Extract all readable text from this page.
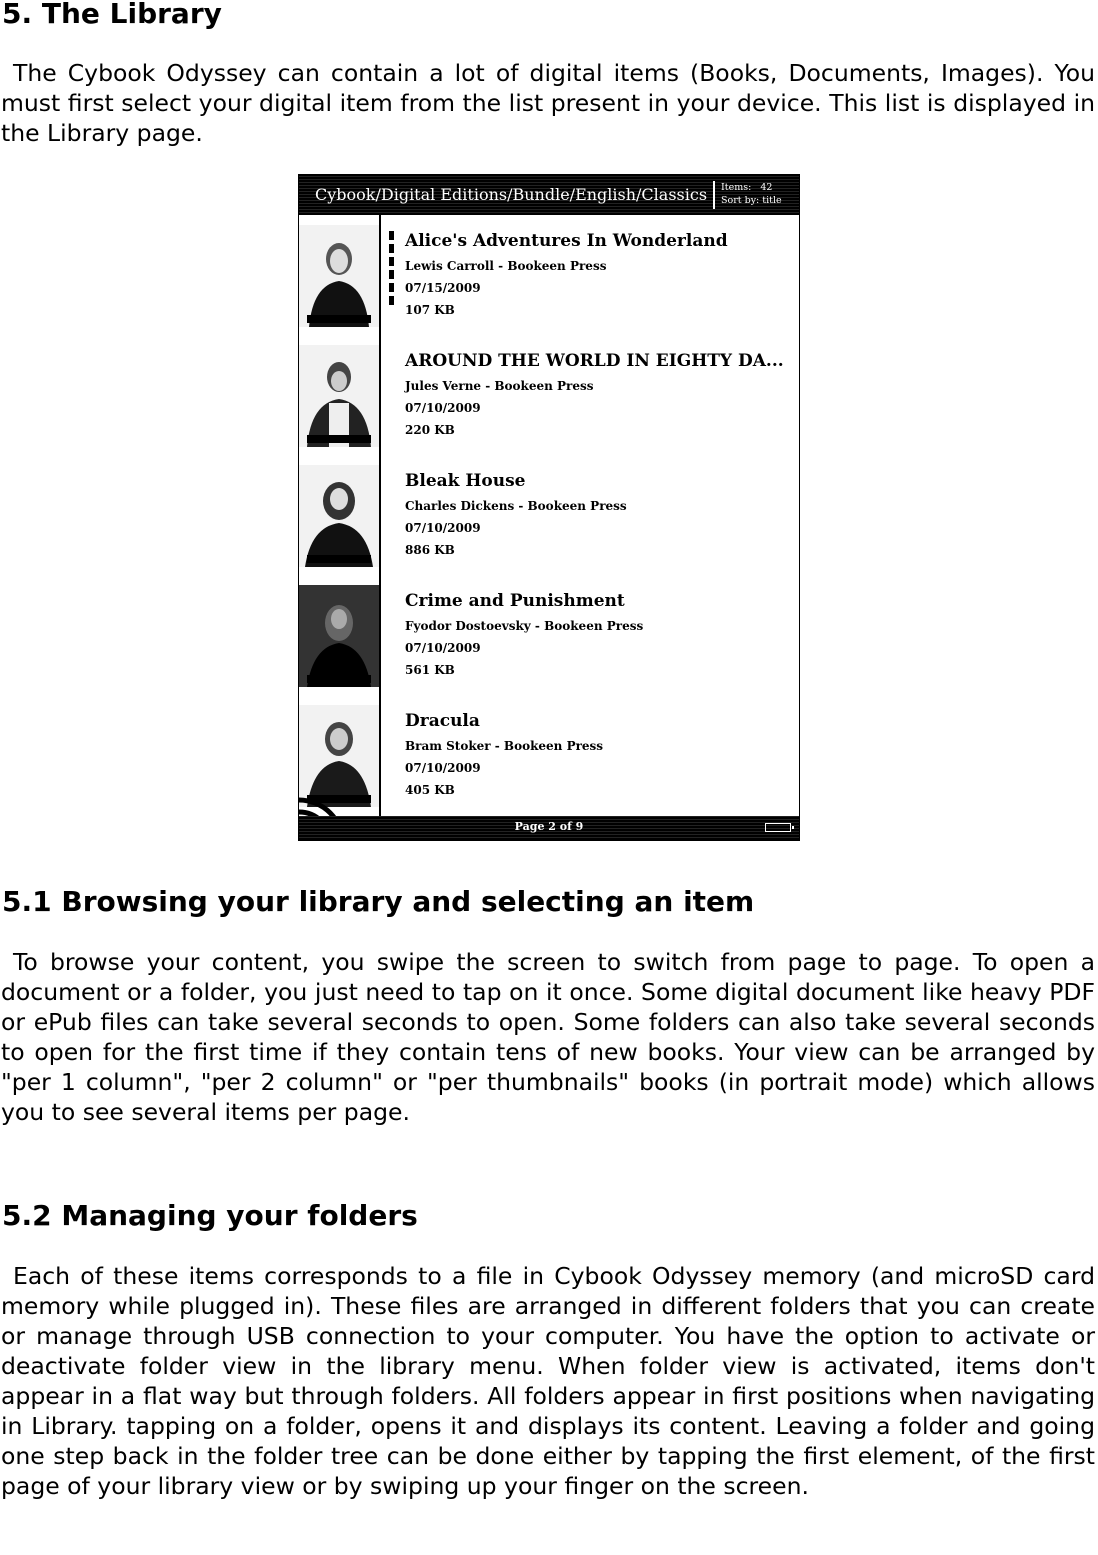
5. The Library

The Cybook Odyssey can contain a lot of digital items (Books, Documents, Images). You must first select your digital item from the list present in your device. This list is displayed in the Library page.

Cybook/Digital Editions/Bundle/English/Classics Items: 42
Sort by: title
Alice's Adventures In Wonderland
Lewis Carroll - Bookeen Press
07/15/2009
107 KB
AROUND THE WORLD IN EIGHTY DA...
Jules Verne - Bookeen Press
07/10/2009
220 KB
Bleak House
Charles Dickens - Bookeen Press
07/10/2009
886 KB
Crime and Punishment
Fyodor Dostoevsky - Bookeen Press
07/10/2009
561 KB
Dracula
Bram Stoker - Bookeen Press
07/10/2009
405 KB
Page 2 of 9
5.1 Browsing your library and selecting an item

To browse your content, you swipe the screen to switch from page to page. To open a document or a folder, you just need to tap on it once. Some digital document like heavy PDF or ePub files can take several seconds to open. Some folders can also take several seconds to open for the first time if they contain tens of new books. Your view can be arranged by "per 1 column", "per 2 column" or "per thumbnails" books (in portrait mode) which allows you to see several items per page.

5.2 Managing your folders

Each of these items corresponds to a file in Cybook Odyssey memory (and microSD card memory while plugged in). These files are arranged in different folders that you can create or manage through USB connection to your computer. You have the option to activate or deactivate folder view in the library menu. When folder view is activated, items don't appear in a flat way but through folders. All folders appear in first positions when navigating in Library. tapping on a folder, opens it and displays its content. Leaving a folder and going one step back in the folder tree can be done either by tapping the first element, of the first page of your library view or by swiping up your finger on the screen.
